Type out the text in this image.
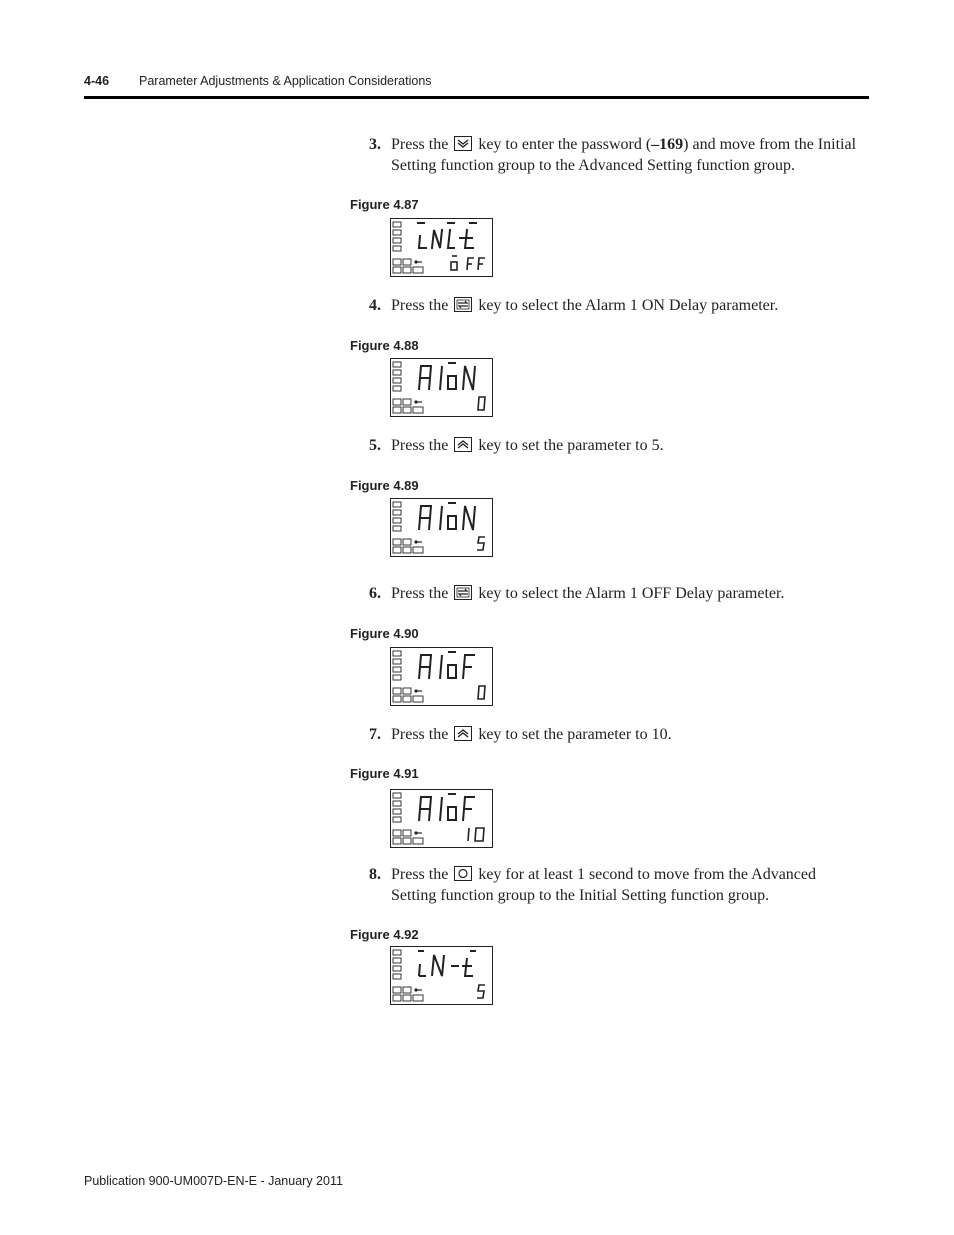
4-46 Parameter Adjustments & Application Considerations
3. Press the  key to enter the password (–169) and move from the Initial
Setting function group to the Advanced Setting function group.
Figure 4.87
4. Press the  key to select the Alarm 1 ON Delay parameter.
Figure 4.88
5. Press the  key to set the parameter to 5.
Figure 4.89
6. Press the  key to select the Alarm 1 OFF Delay parameter.
Figure 4.90
7. Press the  key to set the parameter to 10.
Figure 4.91
8. Press the  key for at least 1 second to move from the Advanced
Setting function group to the Initial Setting function group.
Figure 4.92
Publication 900-UM007D-EN-E - January 2011
